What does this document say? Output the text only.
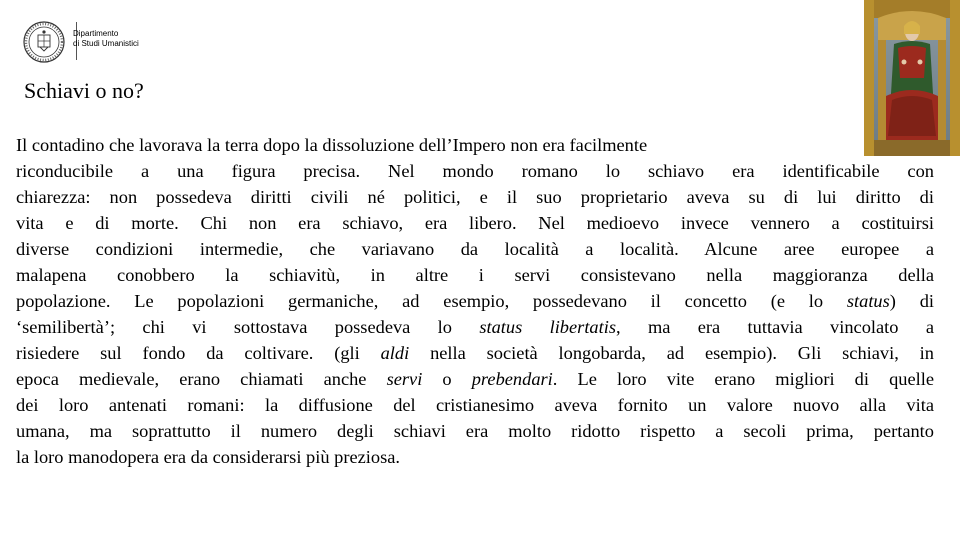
Dipartimento
di Studi Umanistici
Schiavi o no?
Il contadino che lavorava la terra dopo la dissoluzione dell’Impero non era facilmente
riconducibile a una figura precisa. Nel mondo romano lo schiavo era identificabile con
chiarezza: non possedeva diritti civili né politici, e il suo proprietario aveva su di lui diritto di
vita e di morte. Chi non era schiavo, era libero. Nel medioevo invece vennero a costituirsi
diverse condizioni intermedie, che variavano da località a località. Alcune aree europee a
malapena conobbero la schiavitù, in altre i servi consistevano nella maggioranza della
popolazione. Le popolazioni germaniche, ad esempio, possedevano il concetto (e lo status) di
‘semilibertà’; chi vi sottostava possedeva lo status libertatis, ma era tuttavia vincolato a
risiedere sul fondo da coltivare. (gli aldi nella società longobarda, ad esempio). Gli schiavi, in
epoca medievale, erano chiamati anche servi o prebendari. Le loro vite erano migliori di quelle
dei loro antenati romani: la diffusione del cristianesimo aveva fornito un valore nuovo alla vita
umana, ma soprattutto il numero degli schiavi era molto ridotto rispetto a secoli prima, pertanto
la loro manodopera era da considerarsi più preziosa.
